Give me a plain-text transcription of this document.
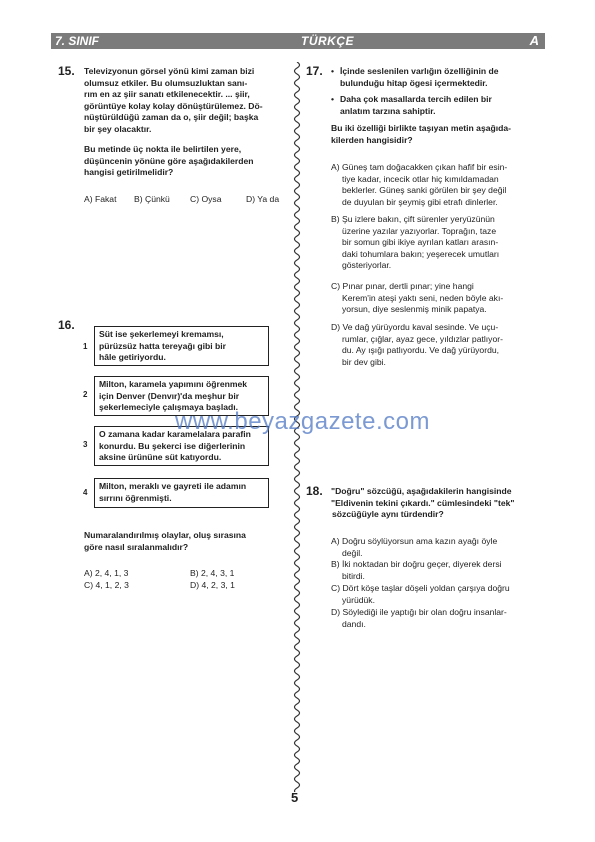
7. SINIF	TÜRKÇE	A
15. Televizyonun görsel yönü kimi zaman bizi
olumsuz etkiler. Bu olumsuzluktan sanı-
rım en az şiir sanatı etkilenecektir. ... şiir,
görüntüye kolay kolay dönüştürülemez. Dö-
nüştürüldüğü zaman da o, şiir değil; başka
bir şey olacaktır.
Bu metinde üç nokta ile belirtilen yere,
düşüncenin yönüne göre aşağıdakilerden
hangisi getirilmelidir?
A) Fakat B) Çünkü C) Oysa	D) Ya da
16.
1
Süt ise şekerlemeyi kremamsı,
pürüzsüz hatta tereyağı gibi bir
hâle getiriyordu.
2
Milton, karamela yapımını öğrenmek
için Denver (Denvır)'da meşhur bir
şekerlemeciyle çalışmaya başladı.
3
O zamana kadar karamelalara parafin
konurdu. Bu şekerci ise diğerlerinin
aksine ürününe süt katıyordu.
4
Milton, meraklı ve gayreti ile adamın
sırrını öğrenmişti.
Numaralandırılmış olaylar, oluş sırasına
göre nasıl sıralanmalıdır?
A) 2, 4, 1, 3	B) 2, 4, 3, 1
C) 4, 1, 2, 3	D) 4, 2, 3, 1
17. • İçinde seslenilen varlığın özelliğinin de
bulunduğu hitap ögesi içermektedir.
• Daha çok masallarda tercih edilen bir
anlatım tarzına sahiptir.
Bu iki özelliği birlikte taşıyan metin aşağıda-
kilerden hangisidir?
A) Güneş tam doğacakken çıkan hafif bir esin-
tiye kadar, incecik otlar hiç kımıldamadan
beklerler. Güneş sanki görülen bir şey değil
de duyulan bir şeymiş gibi etrafı dinlerler.
B) Şu izlere bakın, çift sürenler yeryüzünün
üzerine yazılar yazıyorlar. Toprağın, taze
bir somun gibi ikiye ayrılan katları arasın-
daki tohumlara bakın; yeşerecek umutları
gösteriyorlar.
C) Pınar pınar, dertli pınar; yine hangi
Kerem'in ateşi yaktı seni, neden böyle akı-
yorsun, diye seslenmiş minik papatya.
D) Ve dağ yürüyordu kaval sesinde. Ve uçu-
rumlar, çığlar, ayaz gece, yıldızlar patlıyor-
du. Ay ışığı patlıyordu. Ve dağ yürüyordu,
bir dev gibi.
www.beyazgazete.com
18. "Doğru" sözcüğü, aşağıdakilerin hangisinde
"Eldivenin tekini çıkardı." cümlesindeki "tek"
sözcüğüyle aynı türdendir?
A) Doğru söylüyorsun ama kazın ayağı öyle
değil.
B) İki noktadan bir doğru geçer, diyerek dersi
bitirdi.
C) Dört köşe taşlar döşeli yoldan çarşıya doğru
yürüdük.
D) Söylediği ile yaptığı bir olan doğru insanlar-
dandı.
5
